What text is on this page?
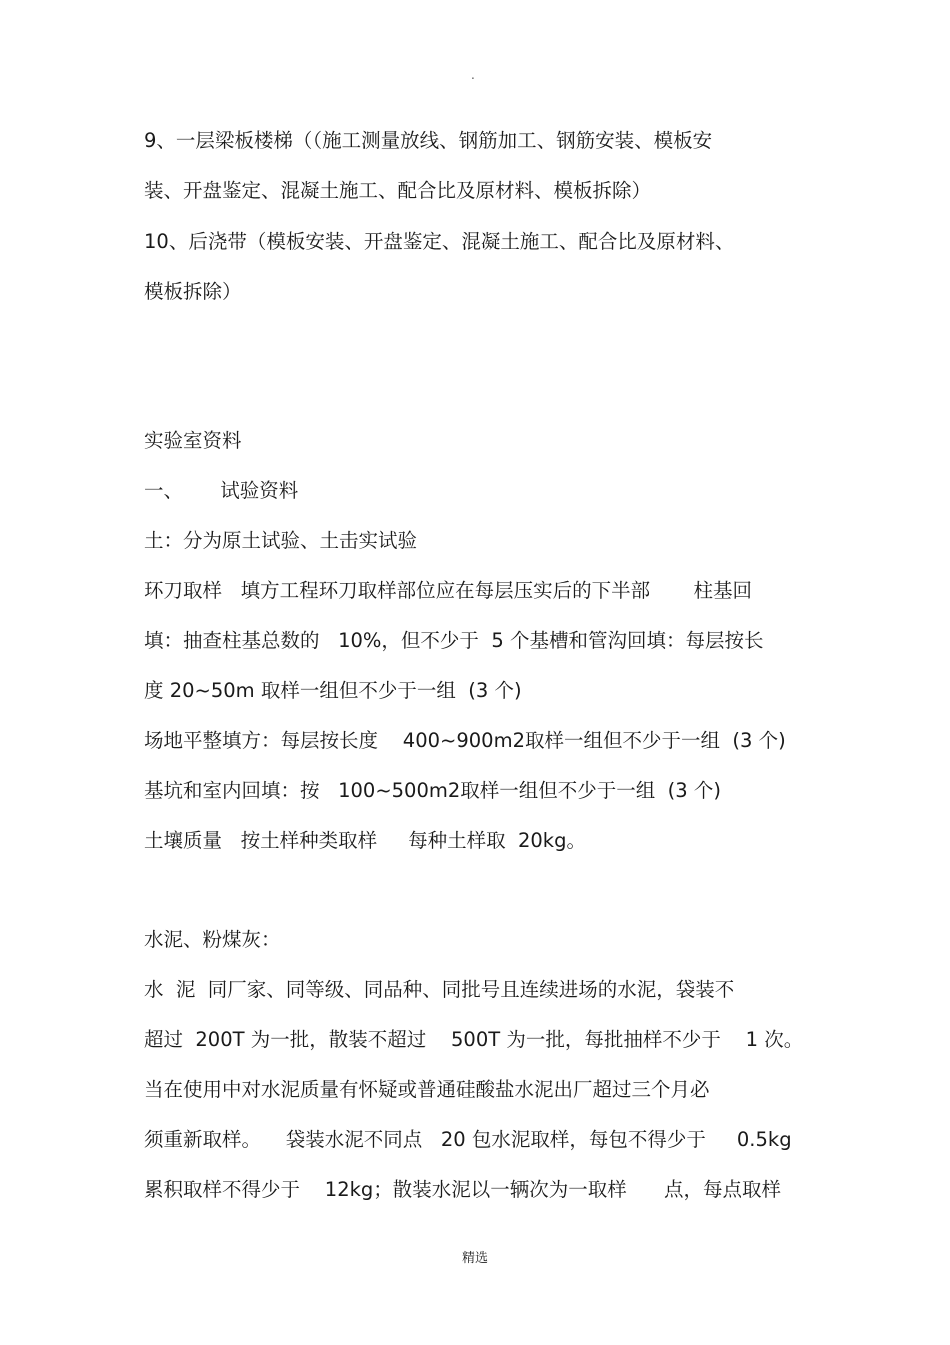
.
9、一层梁板楼梯（（施工测量放线、钢筋加工、钢筋安装、模板安
装、开盘鉴定、混凝土施工、配合比及原材料、模板拆除）
10、后浇带（模板安装、开盘鉴定、混凝土施工、配合比及原材料、
模板拆除）
实验室资料
一、      试验资料
土：分为原土试验、土击实试验
环刀取样   填方工程环刀取样部位应在每层压实后的下半部       柱基回
填：抽查柱基总数的   10%，但不少于  5 个基槽和管沟回填：每层按长
度 20~50m 取样一组但不少于一组  (3 个)
场地平整填方：每层按长度    400~900m2取样一组但不少于一组  (3 个)
基坑和室内回填：按   100~500m2取样一组但不少于一组  (3 个)
土壤质量   按土样种类取样     每种土样取  20kg。
水泥、粉煤灰：
水  泥  同厂家、同等级、同品种、同批号且连续进场的水泥，袋装不
超过  200T 为一批，散装不超过    500T 为一批，每批抽样不少于    1 次。
当在使用中对水泥质量有怀疑或普通硅酸盐水泥出厂超过三个月必
须重新取样。    袋装水泥不同点   20 包水泥取样，每包不得少于     0.5kg
累积取样不得少于    12kg；散装水泥以一辆次为一取样      点，每点取样
精选
